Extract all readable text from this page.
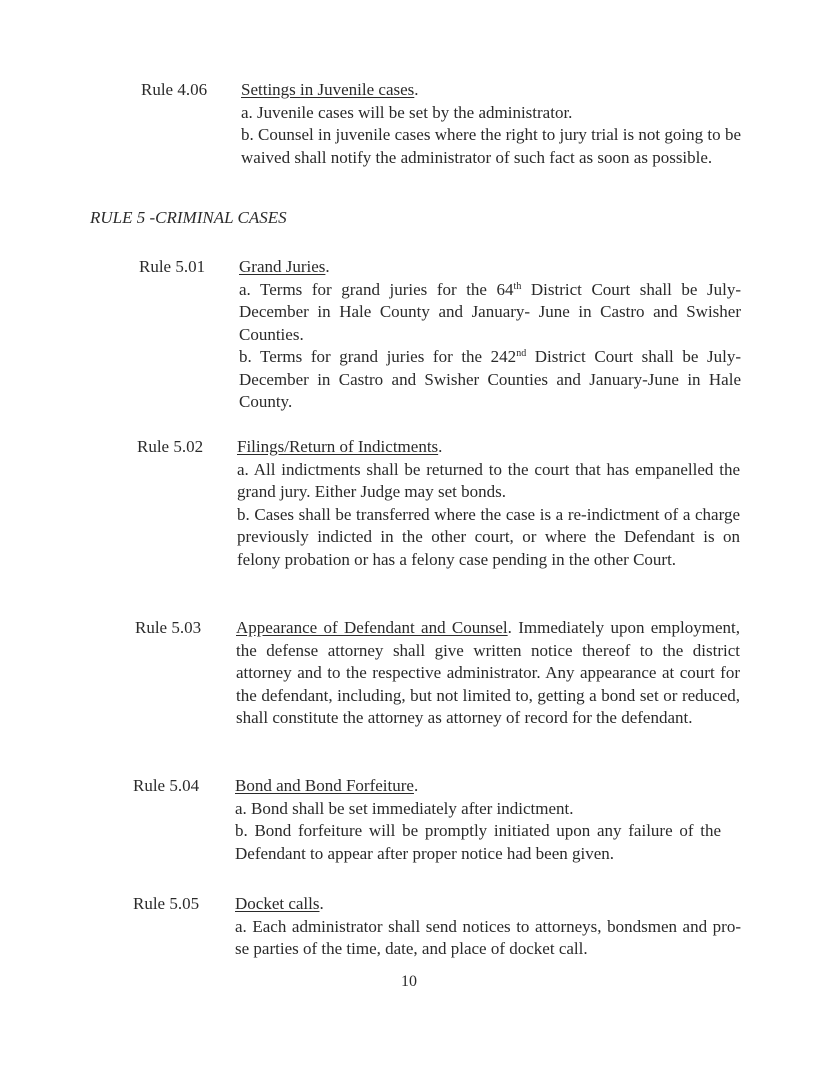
Rule 4.06 Settings in Juvenile cases.

a. Juvenile cases will be set by the administrator.

b. Counsel in juvenile cases where the right to jury trial is not going to be waived shall notify the administrator of such fact as soon as possible.

RULE 5 -CRIMINAL CASES
Rule 5.01 Grand Juries.

a. Terms for grand juries for the 64th District Court shall be July-December in Hale County and January- June in Castro and Swisher Counties.

b. Terms for grand juries for the 242nd District Court shall be July-December in Castro and Swisher Counties and January-June in Hale County.

Rule 5.02 Filings/Return of Indictments.

a. All indictments shall be returned to the court that has empanelled the grand jury. Either Judge may set bonds.

b. Cases shall be transferred where the case is a re-indictment of a charge previously indicted in the other court, or where the Defendant is on felony probation or has a felony case pending in the other Court.

Rule 5.03 Appearance of Defendant and Counsel. Immediately upon employment, the defense attorney shall give written notice thereof to the district attorney and to the respective administrator. Any appearance at court for the defendant, including, but not limited to, getting a bond set or reduced, shall constitute the attorney as attorney of record for the defendant.
Rule 5.04 Bond and Bond Forfeiture.

a. Bond shall be set immediately after indictment.

b. Bond forfeiture will be promptly initiated upon any failure of the Defendant to appear after proper notice had been given.

Rule 5.05 Docket calls.

a. Each administrator shall send notices to attorneys, bondsmen and pro-se parties of the time, date, and place of docket call.

10
